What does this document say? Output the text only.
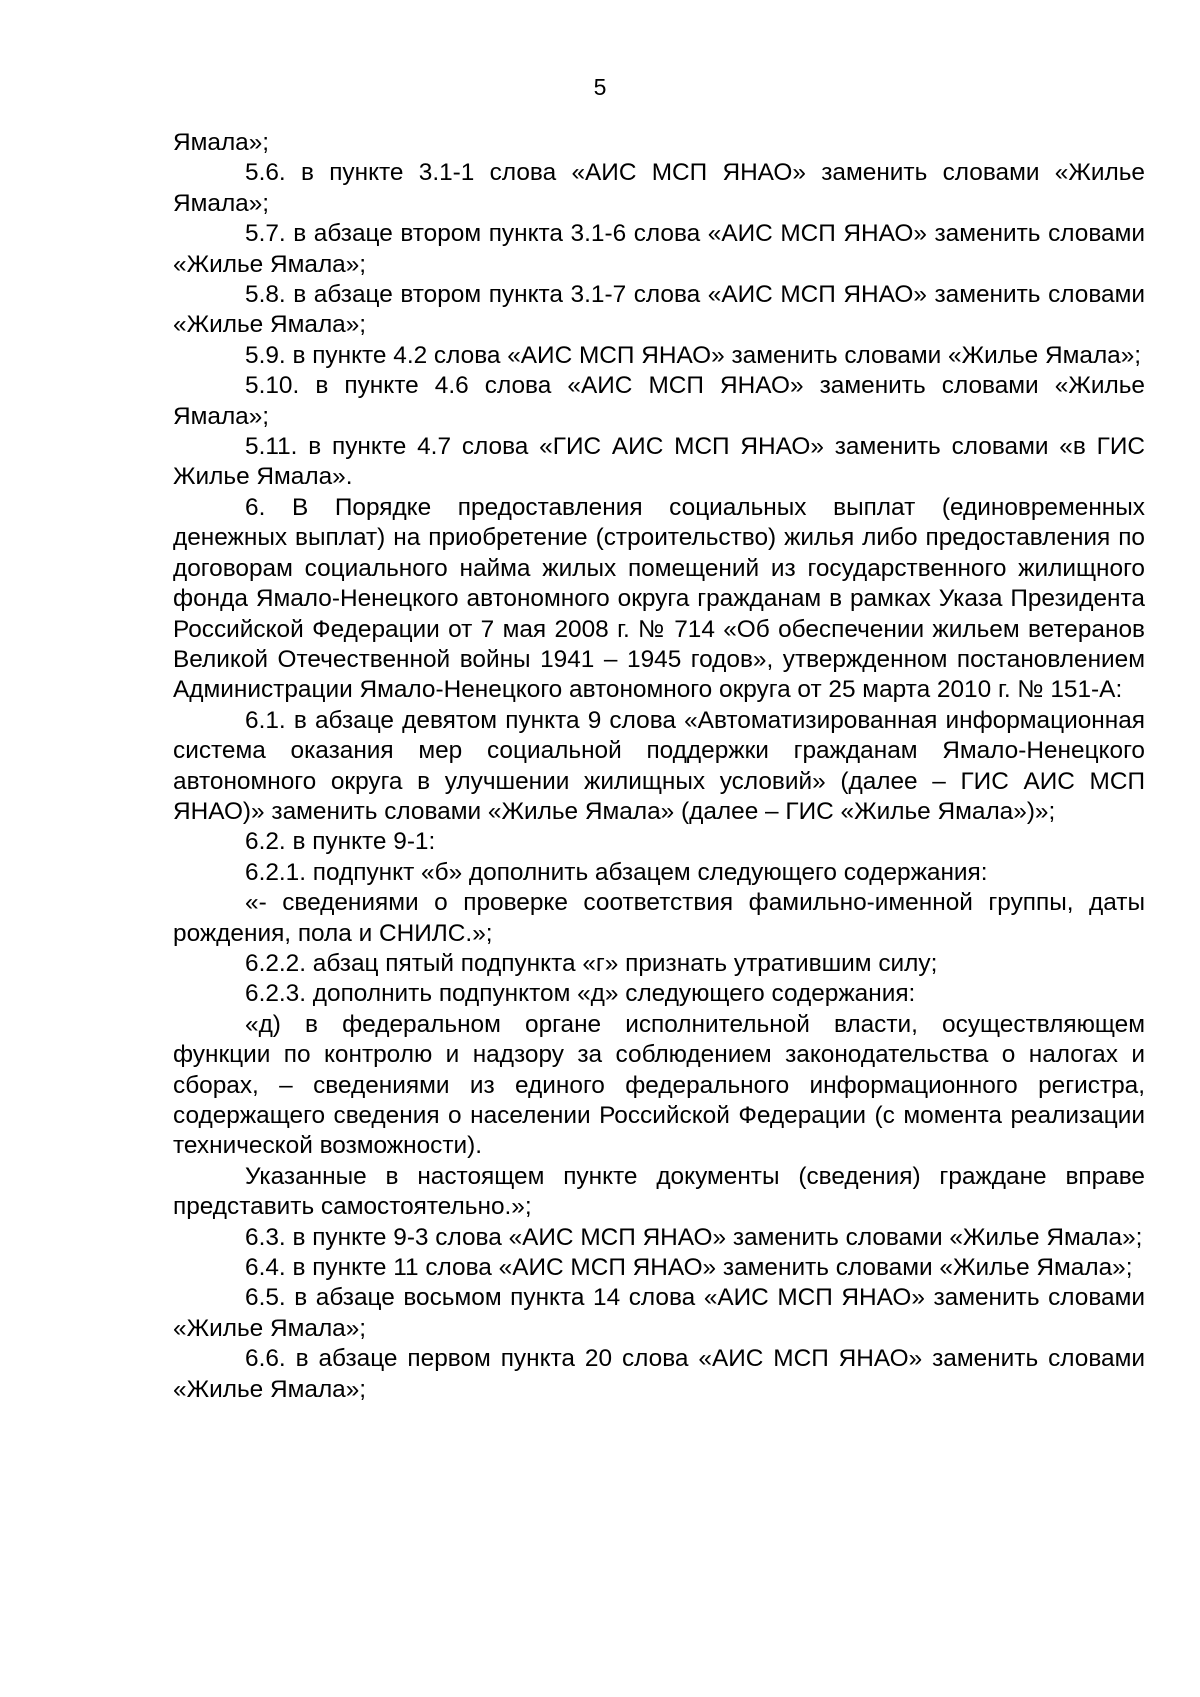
5

Ямала»;

5.6. в пункте 3.1-1 слова «АИС МСП ЯНАО» заменить словами «Жилье Ямала»;

5.7. в абзаце втором пункта 3.1-6 слова «АИС МСП ЯНАО» заменить словами «Жилье Ямала»;

5.8. в абзаце втором пункта 3.1-7 слова «АИС МСП ЯНАО» заменить словами «Жилье Ямала»;

5.9. в пункте 4.2 слова «АИС МСП ЯНАО» заменить словами «Жилье Ямала»;

5.10. в пункте 4.6 слова «АИС МСП ЯНАО» заменить словами «Жилье Ямала»;

5.11. в пункте 4.7 слова «ГИС АИС МСП ЯНАО» заменить словами «в ГИС Жилье Ямала».

6. В Порядке предоставления социальных выплат (единовременных денежных выплат) на приобретение (строительство) жилья либо предоставления по договорам социального найма жилых помещений из государственного жилищного фонда Ямало-Ненецкого автономного округа гражданам в рамках Указа Президента Российской Федерации от 7 мая 2008 г. № 714 «Об обеспечении жильем ветеранов Великой Отечественной войны 1941 – 1945 годов», утвержденном постановлением Администрации Ямало-Ненецкого автономного округа от 25 марта 2010 г. № 151-А:

6.1. в абзаце девятом пункта 9 слова «Автоматизированная информационная система оказания мер социальной поддержки гражданам Ямало-Ненецкого автономного округа в улучшении жилищных условий» (далее – ГИС АИС МСП ЯНАО)» заменить словами «Жилье Ямала» (далее – ГИС «Жилье Ямала»)»;

6.2. в пункте 9-1:

6.2.1. подпункт «б» дополнить абзацем следующего содержания:

«- сведениями о проверке соответствия фамильно-именной группы, даты рождения, пола и СНИЛС.»;

6.2.2. абзац пятый подпункта «г» признать утратившим силу;

6.2.3. дополнить подпунктом «д» следующего содержания:

«д) в федеральном органе исполнительной власти, осуществляющем функции по контролю и надзору за соблюдением законодательства о налогах и сборах, – сведениями из единого федерального информационного регистра, содержащего сведения о населении Российской Федерации (с момента реализации технической возможности).

Указанные в настоящем пункте документы (сведения) граждане вправе представить самостоятельно.»;

6.3. в пункте 9-3 слова «АИС МСП ЯНАО» заменить словами «Жилье Ямала»;

6.4. в пункте 11 слова «АИС МСП ЯНАО» заменить словами «Жилье Ямала»;

6.5. в абзаце восьмом пункта 14 слова «АИС МСП ЯНАО» заменить словами «Жилье Ямала»;

6.6. в абзаце первом пункта 20 слова «АИС МСП ЯНАО» заменить словами «Жилье Ямала»;
